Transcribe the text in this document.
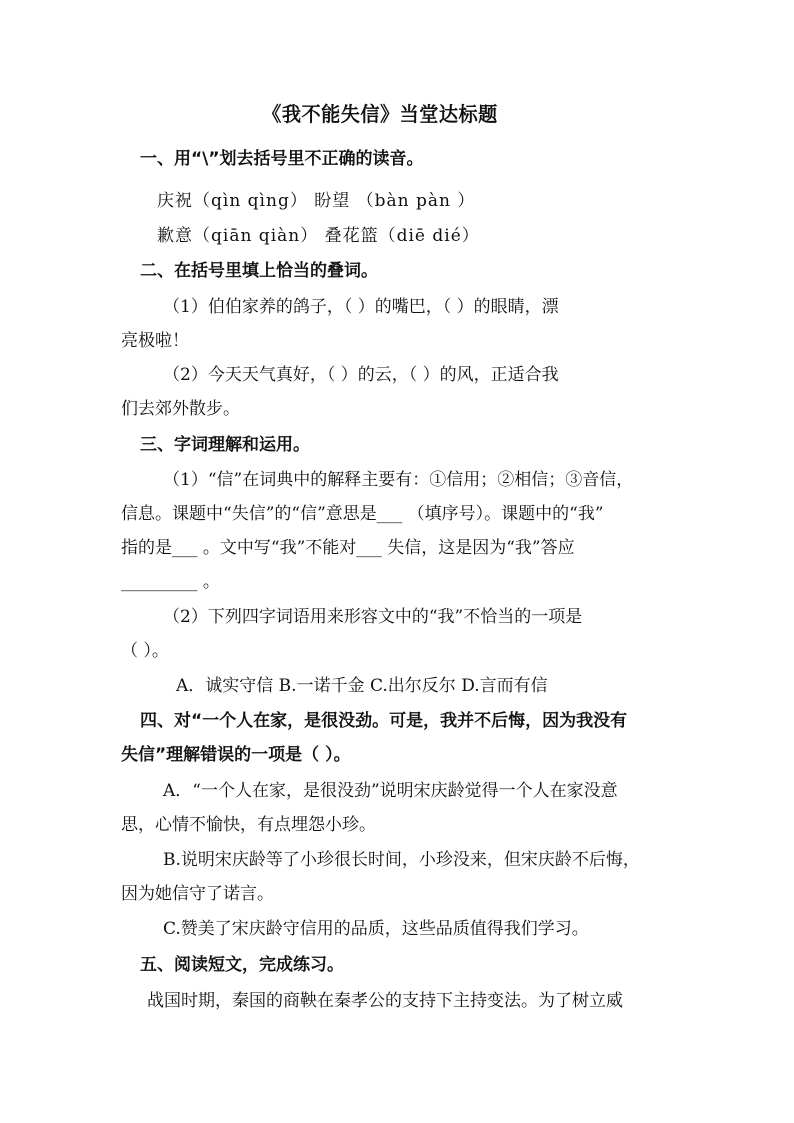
《我不能失信》当堂达标题
一、用“\”划去括号里不正确的读音。
庆祝（qìn qìng） 盼望 （bàn pàn ）
歉意（qiān qiàn） 叠花篮（diē dié）
二、在括号里填上恰当的叠词。
（1）伯伯家养的鸽子，（ ）的嘴巴，（ ）的眼睛，漂
亮极啦！
（2）今天天气真好，（ ）的云，（ ）的风，正适合我
们去郊外散步。
三、字词理解和运用。
（1）“信”在词典中的解释主要有：①信用；②相信；③音信，
信息。课题中“失信”的“信”意思是___ （填序号）。课题中的“我”
指的是___ 。文中写“我”不能对___ 失信，这是因为“我”答应
_________ 。
（2）下列四字词语用来形容文中的“我”不恰当的一项是
（ ）。
A．诚实守信 B.一诺千金 C.出尔反尔 D.言而有信
四、对“一个人在家，是很没劲。可是，我并不后悔，因为我没有
失信”理解错误的一项是（ ）。
A．“一个人在家，是很没劲”说明宋庆龄觉得一个人在家没意
思，心情不愉快，有点埋怨小珍。
B.说明宋庆龄等了小珍很长时间，小珍没来，但宋庆龄不后悔，
因为她信守了诺言。
C.赞美了宋庆龄守信用的品质，这些品质值得我们学习。
五、阅读短文，完成练习。
战国时期，秦国的商鞅在秦孝公的支持下主持变法。为了树立威
